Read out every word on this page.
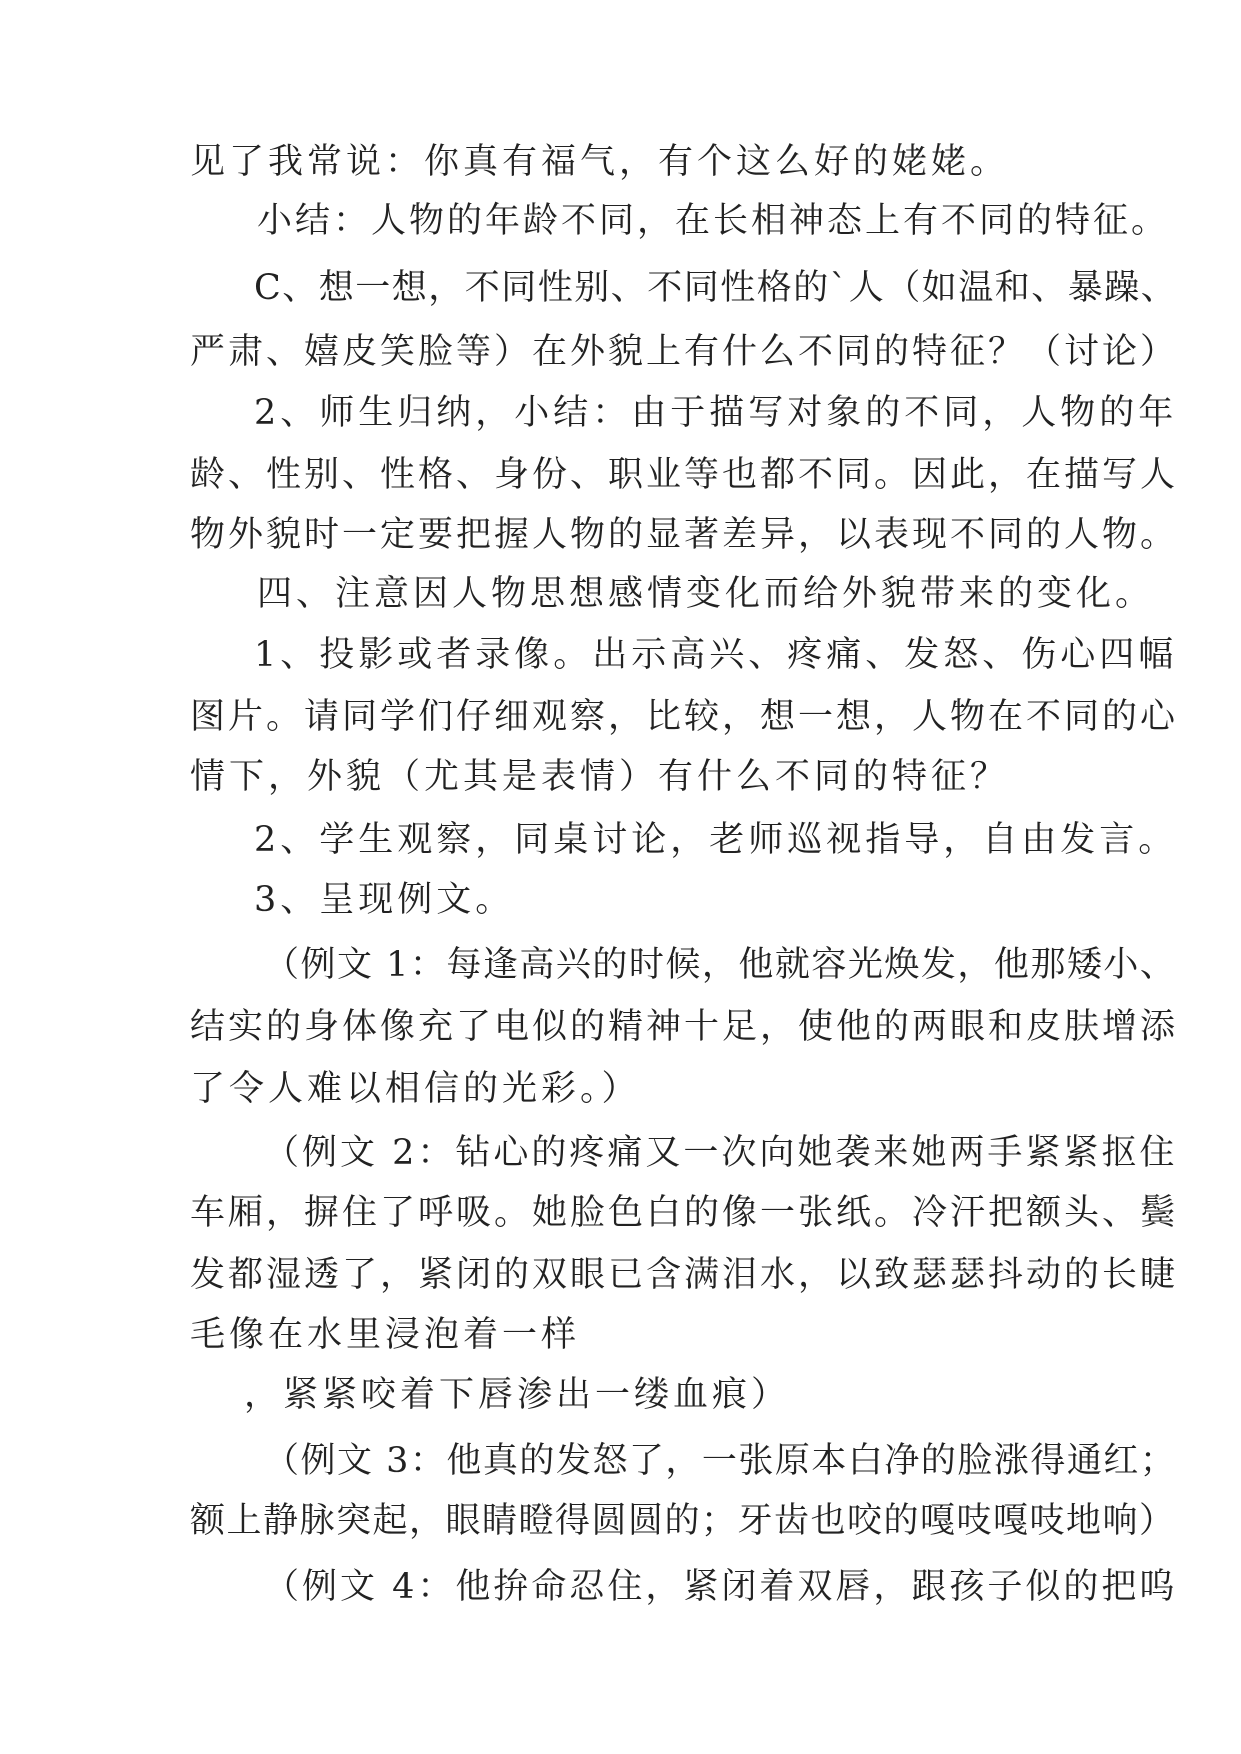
见了我常说：你真有福气，有个这么好的姥姥。
小结：人物的年龄不同，在长相神态上有不同的特征。
C、想一想，不同性别、不同性格的`人（如温和、暴躁、
严肃、嬉皮笑脸等）在外貌上有什么不同的特征？（讨论）
2、师生归纳，小结：由于描写对象的不同，人物的年
龄、性别、性格、身份、职业等也都不同。因此，在描写人
物外貌时一定要把握人物的显著差异，以表现不同的人物。
四、注意因人物思想感情变化而给外貌带来的变化。
1、投影或者录像。出示高兴、疼痛、发怒、伤心四幅
图片。请同学们仔细观察，比较，想一想，人物在不同的心
情下，外貌（尤其是表情）有什么不同的特征？
2、学生观察，同桌讨论，老师巡视指导，自由发言。
3、呈现例文。
（例文 1：每逢高兴的时候，他就容光焕发，他那矮小、
结实的身体像充了电似的精神十足，使他的两眼和皮肤增添
了令人难以相信的光彩。）
（例文 2：钻心的疼痛又一次向她袭来她两手紧紧抠住
车厢，摒住了呼吸。她脸色白的像一张纸。冷汗把额头、鬓
发都湿透了，紧闭的双眼已含满泪水，以致瑟瑟抖动的长睫
毛像在水里浸泡着一样
，紧紧咬着下唇渗出一缕血痕）
（例文 3：他真的发怒了，一张原本白净的脸涨得通红；
额上静脉突起，眼睛瞪得圆圆的；牙齿也咬的嘎吱嘎吱地响）
（例文 4：他拚命忍住，紧闭着双唇，跟孩子似的把呜
